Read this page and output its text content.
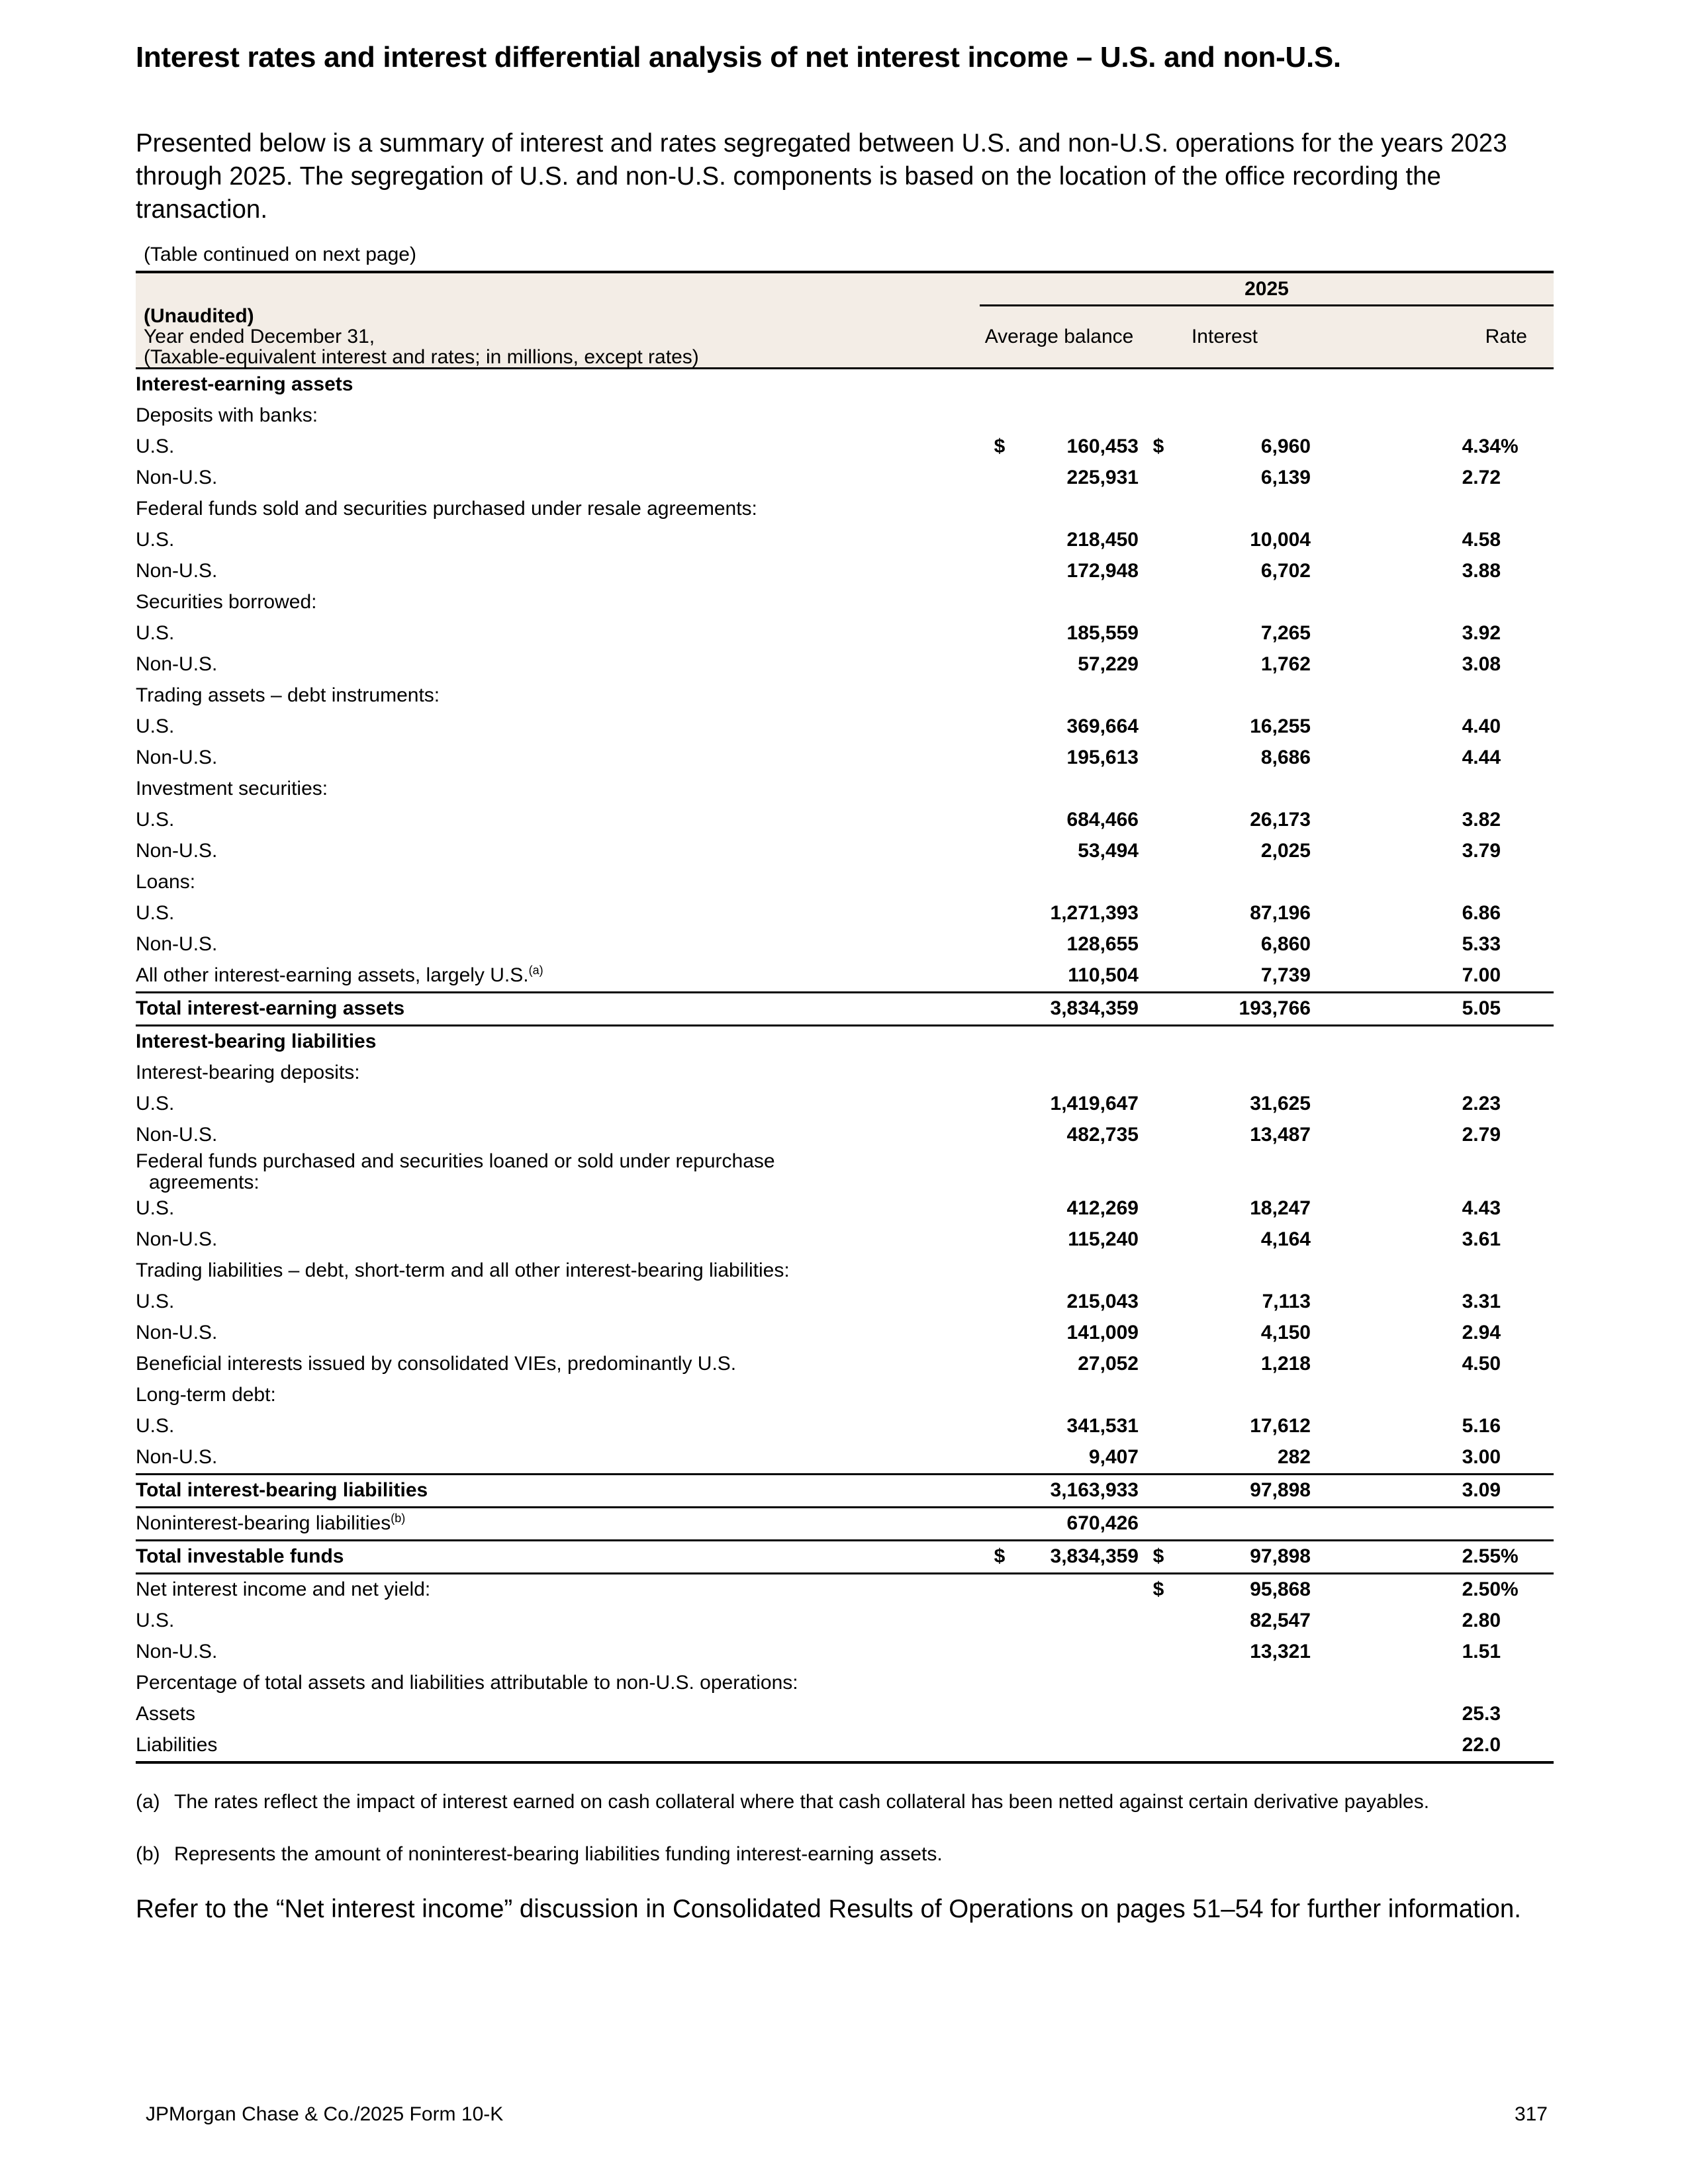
Interest rates and interest differential analysis of net interest income – U.S. and non-U.S.

Presented below is a summary of interest and rates segregated between U.S. and non-U.S. operations for the years 2023 through 2025. The segregation of U.S. and non-U.S. components is based on the location of the office recording the transaction.

(Table continued on next page)
	2025					

(Unaudited)
Year ended December 31,
(Taxable-equivalent interest and rates; in millions, except rates)	Average balance		Interest		Rate	
Interest-earning assets						
Deposits with banks:						
U.S.	$	160,453	$	6,960	4.34	%
Non-U.S.		225,931		6,139	2.72	
Federal funds sold and securities purchased under resale agreements:						
U.S.		218,450		10,004	4.58	
Non-U.S.		172,948		6,702	3.88	
Securities borrowed:						
U.S.		185,559		7,265	3.92	
Non-U.S.		57,229		1,762	3.08	
Trading assets – debt instruments:						
U.S.		369,664		16,255	4.40	
Non-U.S.		195,613		8,686	4.44	
Investment securities:						
U.S.		684,466		26,173	3.82	
Non-U.S.		53,494		2,025	3.79	
Loans:						
U.S.		1,271,393		87,196	6.86	
Non-U.S.		128,655		6,860	5.33	
All other interest-earning assets, largely U.S.$^{(a)}$		110,504		7,739	7.00	
Total interest-earning assets		3,834,359		193,766	5.05	
Interest-bearing liabilities						
Interest-bearing deposits:						
U.S.		1,419,647		31,625	2.23	
Non-U.S.		482,735		13,487	2.79	
Federal funds purchased and securities loaned or sold under repurchase
agreements:						

U.S.		412,269		18,247	4.43	
Non-U.S.		115,240		4,164	3.61	
Trading liabilities – debt, short-term and all other interest-bearing liabilities:						
U.S.		215,043		7,113	3.31	
Non-U.S.		141,009		4,150	2.94	
Beneficial interests issued by consolidated VIEs, predominantly U.S.		27,052		1,218	4.50	
Long-term debt:						
U.S.		341,531		17,612	5.16	
Non-U.S.		9,407		282	3.00	
Total interest-bearing liabilities		3,163,933		97,898	3.09	
Noninterest-bearing liabilities$^{(b)}$		670,426				
Total investable funds	$	3,834,359	$	97,898	2.55	%
Net interest income and net yield:			$	95,868	2.50	%
U.S.				82,547	2.80	
Non-U.S.				13,321	1.51	
Percentage of total assets and liabilities attributable to non-U.S. operations:						
Assets					25.3	
Liabilities					22.0	
(a) The rates reflect the impact of interest earned on cash collateral where that cash collateral has been netted against certain derivative payables.
(b) Represents the amount of noninterest-bearing liabilities funding interest-earning assets.

Refer to the “Net interest income” discussion in Consolidated Results of Operations on pages 51–54 for further information.

JPMorgan Chase & Co./2025 Form 10-K	317
